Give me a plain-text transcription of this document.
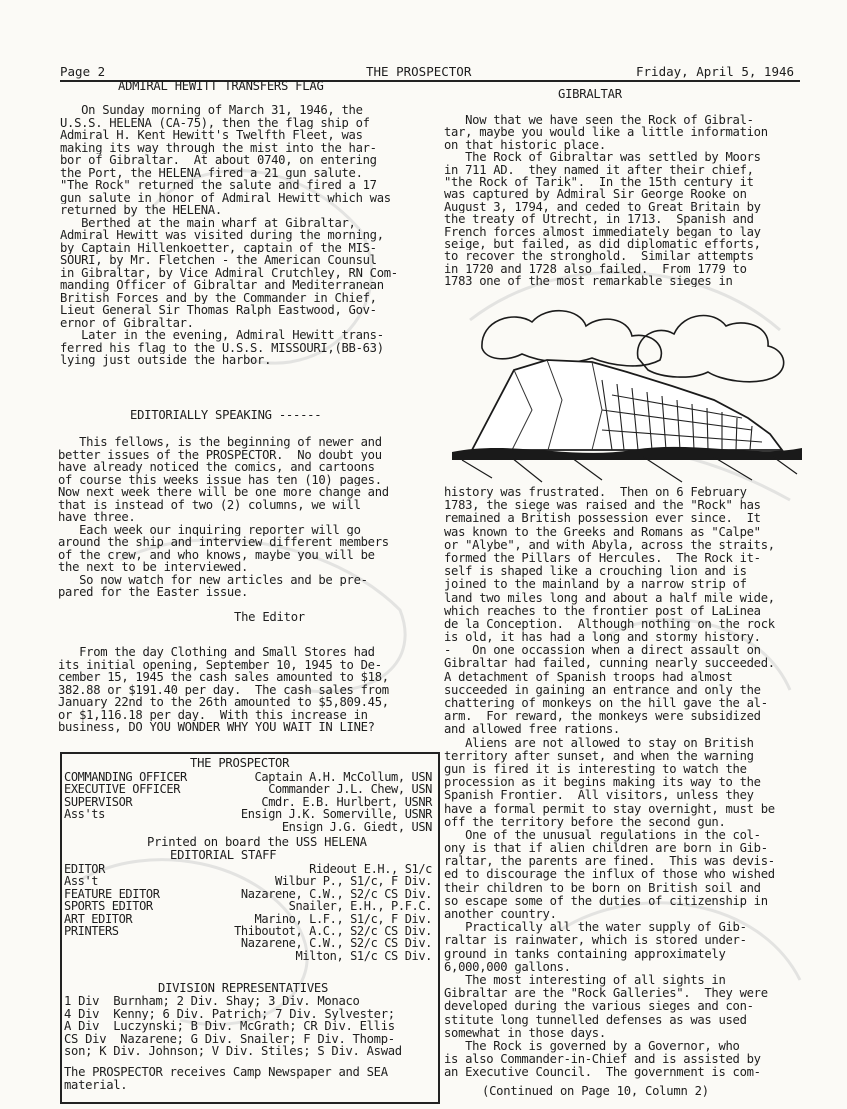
Page 2	THE PROSPECTOR	Friday, April 5, 1946
ADMIRAL HEWITT TRANSFERS FLAG
On Sunday morning of March 31, 1946, the
U.S.S. HELENA (CA-75), then the flag ship of
Admiral H. Kent Hewitt's Twelfth Fleet, was
making its way through the mist into the har-
bor of Gibraltar.  At about 0740, on entering
the Port, the HELENA fired a 21 gun salute.
"The Rock" returned the salute and fired a 17
gun salute in honor of Admiral Hewitt which was
returned by the HELENA.
Berthed at the main wharf at Gibraltar,
Admiral Hewitt was visited during the morning,
by Captain Hillenkoetter, captain of the MIS-
SOURI, by Mr. Fletchen - the American Counsul
in Gibraltar, by Vice Admiral Crutchley, RN Com-
manding Officer of Gibraltar and Mediterranean
British Forces and by the Commander in Chief,
Lieut General Sir Thomas Ralph Eastwood, Gov-
ernor of Gibraltar.
Later in the evening, Admiral Hewitt trans-
ferred his flag to the U.S.S. MISSOURI,(BB-63)
lying just outside the harbor.
EDITORIALLY SPEAKING ------
This fellows, is the beginning of newer and
better issues of the PROSPECTOR.  No doubt you
have already noticed the comics, and cartoons
of course this weeks issue has ten (10) pages.
Now next week there will be one more change and
that is instead of two (2) columns, we will
have three.
Each week our inquiring reporter will go
around the ship and interview different members
of the crew, and who knows, maybe you will be
the next to be interviewed.
So now watch for new articles and be pre-
pared for the Easter issue.
The Editor
From the day Clothing and Small Stores had
its initial opening, September 10, 1945 to De-
cember 15, 1945 the cash sales amounted to $18,
382.88 or $191.40 per day.  The cash sales from
January 22nd to the 26th amounted to $5,809.45,
or $1,116.18 per day.  With this increase in
business, DO YOU WONDER WHY YOU WAIT IN LINE?
THE PROSPECTOR
COMMANDING OFFICER	Captain A.H. McCollum, USN
EXECUTIVE OFFICER	Commander J.L. Chew, USN
SUPERVISOR	Cmdr. E.B. Hurlbert, USNR
Ass'ts	Ensign J.K. Somerville, USNR
Ensign J.G. Giedt, USN
Printed on board the USS HELENA
EDITORIAL STAFF
EDITOR	Rideout E.H., S1/c
Ass't	Wilbur P., S1/c, F Div.
FEATURE EDITOR	Nazarene, C.W., S2/c CS Div.
SPORTS EDITOR	Snailer, E.H., P.F.C.
ART EDITOR	Marino, L.F., S1/c, F Div.
PRINTERS	Thiboutot, A.C., S2/c CS Div.
Nazarene, C.W., S2/c CS Div.
Milton, S1/c CS Div.
DIVISION REPRESENTATIVES
1 Div  Burnham; 2 Div. Shay; 3 Div. Monaco
4 Div  Kenny; 6 Div. Patrich; 7 Div. Sylvester;
A Div  Luczynski; B Div. McGrath; CR Div. Ellis
CS Div  Nazarene; G Div. Snailer; F Div. Thomp-
son; K Div. Johnson; V Div. Stiles; S Div. Aswad
The PROSPECTOR receives Camp Newspaper and SEA
material.
GIBRALTAR
Now that we have seen the Rock of Gibral-
tar, maybe you would like a little information
on that historic place.
The Rock of Gibraltar was settled by Moors
in 711 AD.  they named it after their chief,
"the Rock of Tarik".  In the 15th century it
was captured by Admiral Sir George Rooke on
August 3, 1794, and ceded to Great Britain by
the treaty of Utrecht, in 1713.  Spanish and
French forces almost immediately began to lay
seige, but failed, as did diplomatic efforts,
to recover the stronghold.  Similar attempts
in 1720 and 1728 also failed.  From 1779 to
1783 one of the most remarkable sieges in
history was frustrated.  Then on 6 February
1783, the siege was raised and the "Rock" has
remained a British possession ever since.  It
was known to the Greeks and Romans as "Calpe"
or "Alybe", and with Abyla, across the straits,
formed the Pillars of Hercules.  The Rock it-
self is shaped like a crouching lion and is
joined to the mainland by a narrow strip of
land two miles long and about a half mile wide,
which reaches to the frontier post of LaLinea
de la Conception.  Although nothing on the rock
is old, it has had a long and stormy history.
-   On one occassion when a direct assault on
Gibraltar had failed, cunning nearly succeeded.
A detachment of Spanish troops had almost
succeeded in gaining an entrance and only the
chattering of monkeys on the hill gave the al-
arm.  For reward, the monkeys were subsidized
and allowed free rations.
Aliens are not allowed to stay on British
territory after sunset, and when the warning
gun is fired it is interesting to watch the
procession as it begins making its way to the
Spanish Frontier.  All visitors, unless they
have a formal permit to stay overnight, must be
off the territory before the second gun.
One of the unusual regulations in the col-
ony is that if alien children are born in Gib-
raltar, the parents are fined.  This was devis-
ed to discourage the influx of those who wished
their children to be born on British soil and
so escape some of the duties of citizenship in
another country.
Practically all the water supply of Gib-
raltar is rainwater, which is stored under-
ground in tanks containing approximately
6,000,000 gallons.
The most interesting of all sights in
Gibraltar are the "Rock Galleries".  They were
developed during the various sieges and con-
stitute long tunnelled defenses as was used
somewhat in those days.
The Rock is governed by a Governor, who
is also Commander-in-Chief and is assisted by
an Executive Council.  The government is com-
(Continued on Page 10, Column 2)
